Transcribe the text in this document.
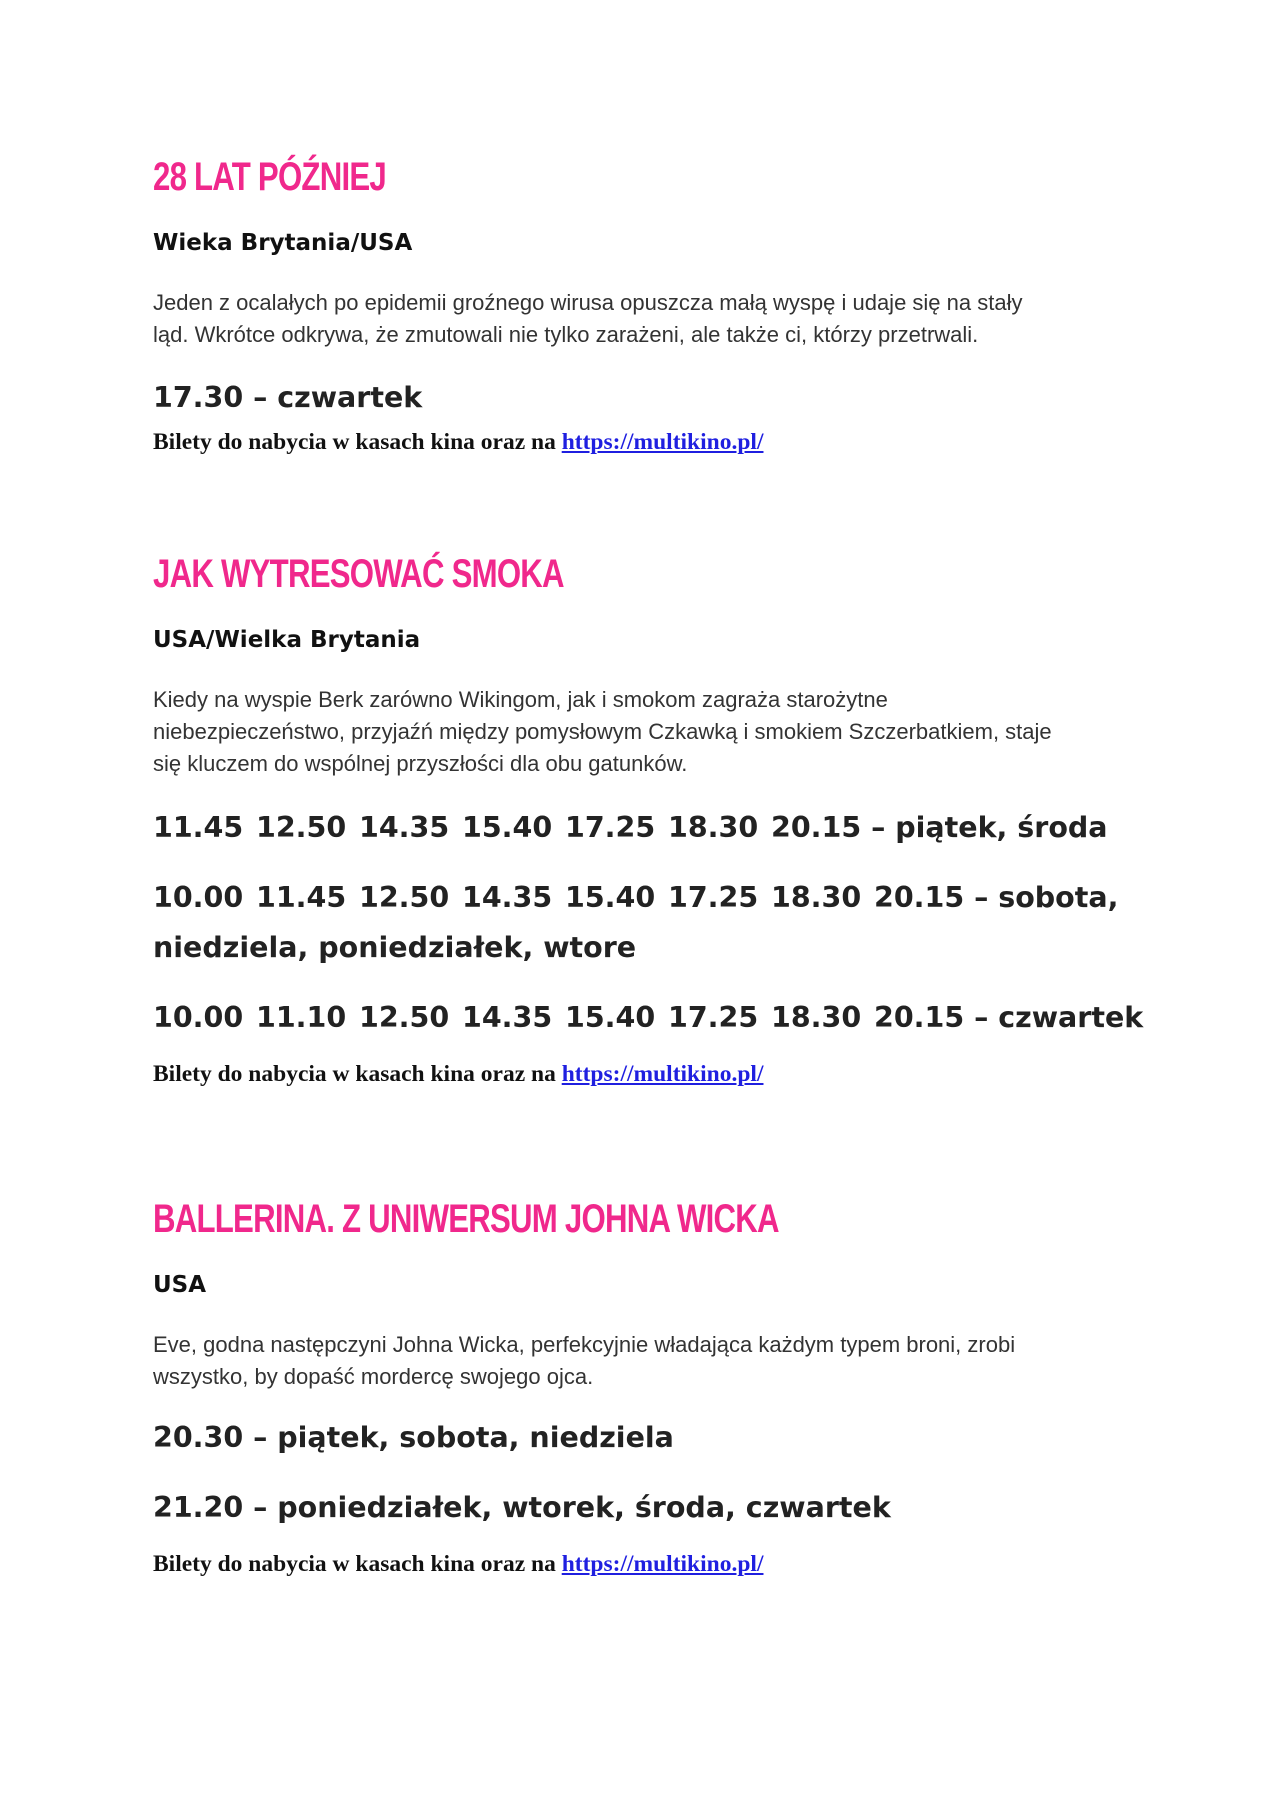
28 LAT PÓŹNIEJ

Wieka Brytania/USA

Jeden z ocalałych po epidemii groźnego wirusa opuszcza małą wyspę i udaje się na stały
ląd. Wkrótce odkrywa, że zmutowali nie tylko zarażeni, ale także ci, którzy przetrwali.

17.30 – czwartek

Bilety do nabycia w kasach kina oraz na https://multikino.pl/

JAK WYTRESOWAĆ SMOKA

USA/Wielka Brytania

Kiedy na wyspie Berk zarówno Wikingom, jak i smokom zagraża starożytne
niebezpieczeństwo, przyjaźń między pomysłowym Czkawką i smokiem Szczerbatkiem, staje
się kluczem do wspólnej przyszłości dla obu gatunków.

11.45 12.50 14.35 15.40 17.25 18.30 20.15 – piątek, środa

10.00 11.45 12.50 14.35 15.40 17.25 18.30 20.15 – sobota,

niedziela, poniedziałek, wtore

10.00 11.10 12.50 14.35 15.40 17.25 18.30 20.15 – czwartek

Bilety do nabycia w kasach kina oraz na https://multikino.pl/

BALLERINA. Z UNIWERSUM JOHNA WICKA

USA

Eve, godna następczyni Johna Wicka, perfekcyjnie władająca każdym typem broni, zrobi
wszystko, by dopaść mordercę swojego ojca.

20.30 – piątek, sobota, niedziela

21.20 – poniedziałek, wtorek, środa, czwartek

Bilety do nabycia w kasach kina oraz na https://multikino.pl/
